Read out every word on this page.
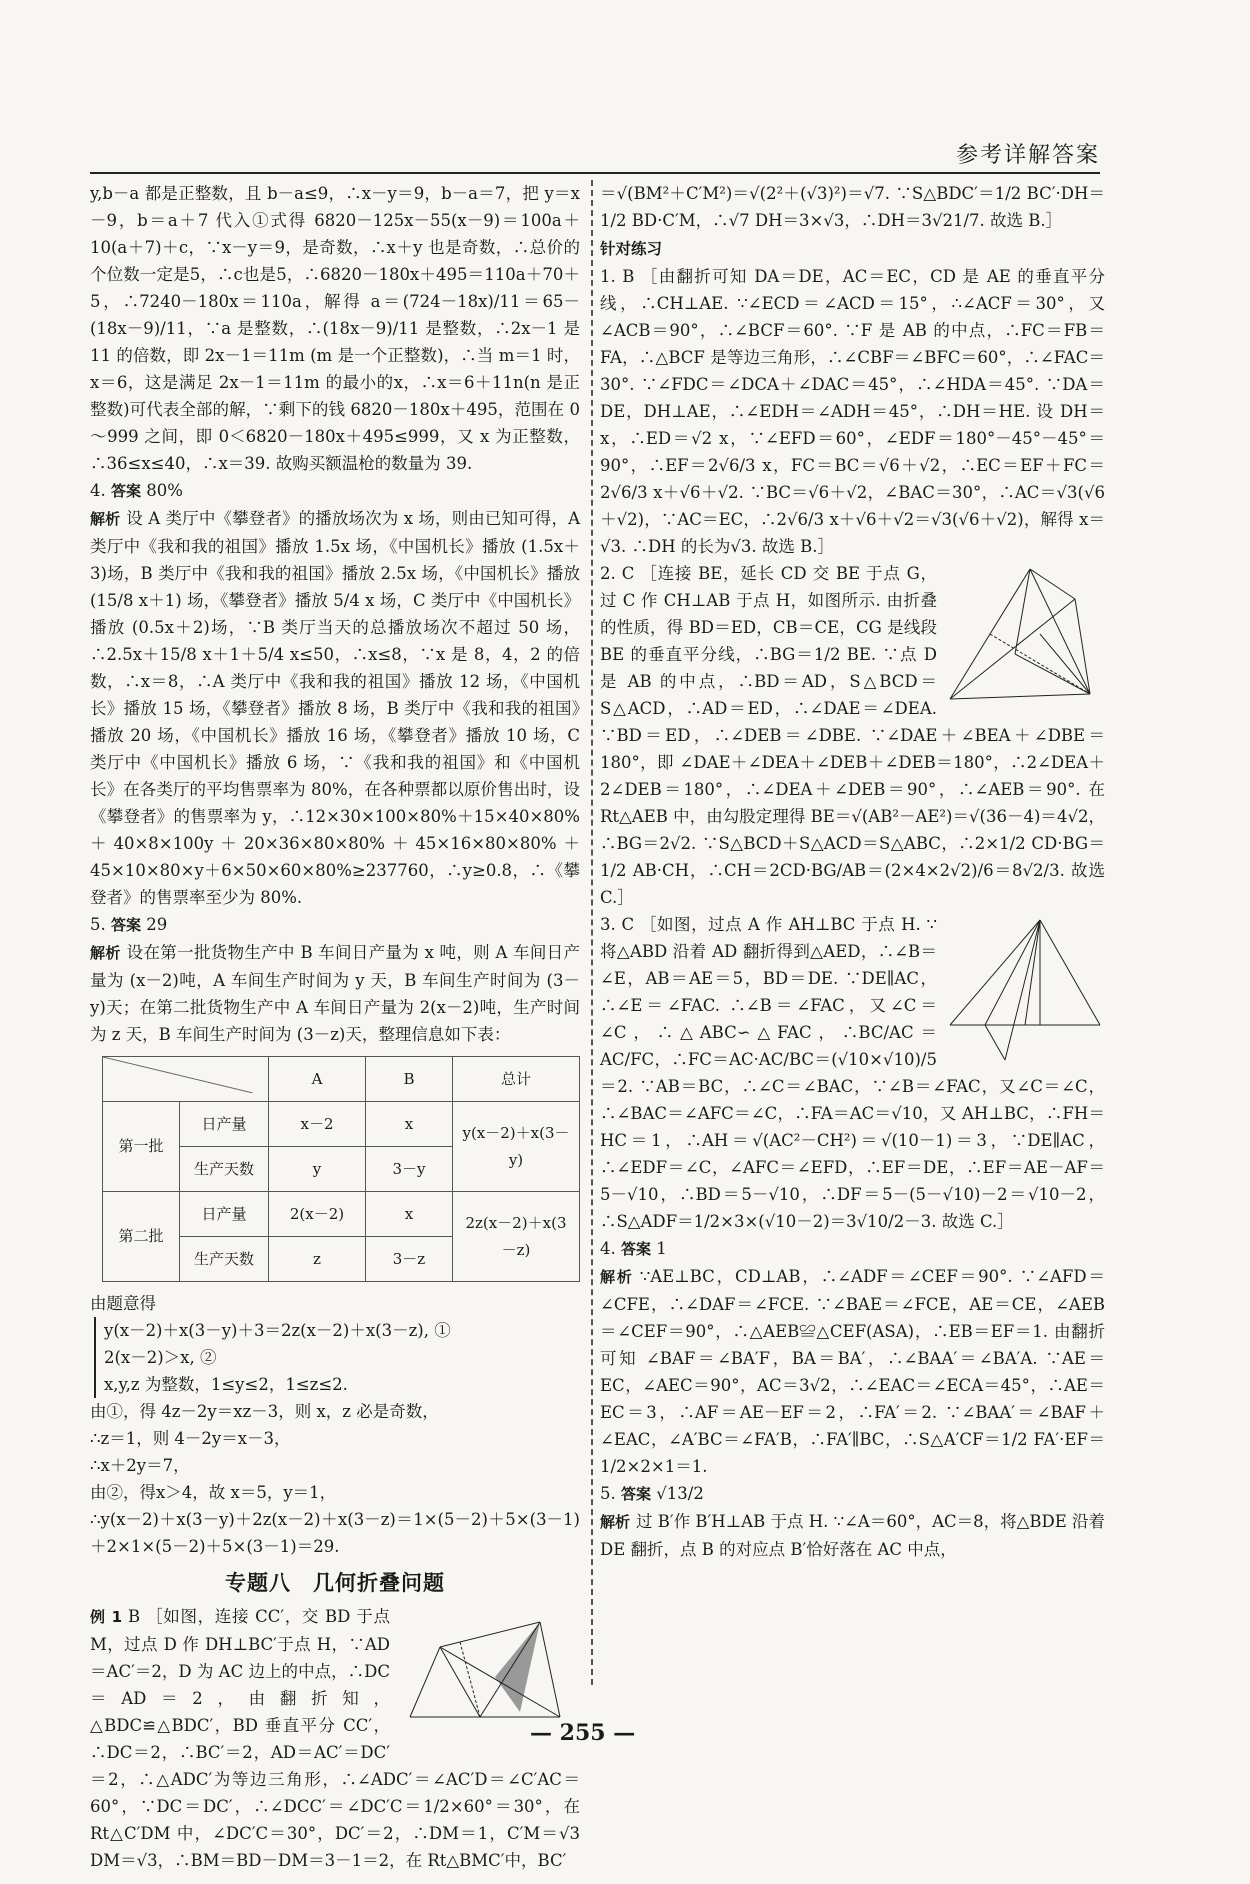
参考详解答案

y,b－a 都是正整数，且 b－a≤9，∴x－y＝9，b－a＝7，把 y＝x－9，b＝a＋7 代入①式得 6820－125x－55(x－9)＝100a＋10(a＋7)＋c，∵x－y＝9，是奇数，∴x＋y 也是奇数，∴总价的个位数一定是5，∴c也是5，∴6820－180x＋495＝110a＋70＋5，∴7240－180x＝110a，解得 a＝(724－18x)/11＝65－(18x－9)/11，∵a 是整数，∴(18x－9)/11 是整数，∴2x－1 是 11 的倍数，即 2x－1＝11m (m 是一个正整数)，∴当 m＝1 时，x＝6，这是满足 2x－1＝11m 的最小的x，∴x＝6＋11n(n 是正整数)可代表全部的解，∵剩下的钱 6820－180x＋495，范围在 0～999 之间，即 0＜6820－180x＋495≤999，又 x 为正整数，∴36≤x≤40，∴x＝39. 故购买额温枪的数量为 39.

4. 答案 80%

解析 设 A 类厅中《攀登者》的播放场次为 x 场，则由已知可得，A 类厅中《我和我的祖国》播放 1.5x 场，《中国机长》播放 (1.5x＋3)场，B 类厅中《我和我的祖国》播放 2.5x 场，《中国机长》播放 (15/8 x＋1) 场，《攀登者》播放 5/4 x 场，C 类厅中《中国机长》播放 (0.5x＋2)场，∵B 类厅当天的总播放场次不超过 50 场，∴2.5x＋15/8 x＋1＋5/4 x≤50，∴x≤8，∵x 是 8，4，2 的倍数，∴x＝8，∴A 类厅中《我和我的祖国》播放 12 场，《中国机长》播放 15 场，《攀登者》播放 8 场，B 类厅中《我和我的祖国》播放 20 场，《中国机长》播放 16 场，《攀登者》播放 10 场，C 类厅中《中国机长》播放 6 场，∵《我和我的祖国》和《中国机长》在各类厅的平均售票率为 80%，在各种票都以原价售出时，设《攀登者》的售票率为 y，∴12×30×100×80%＋15×40×80%＋40×8×100y＋20×36×80×80%＋45×16×80×80%＋45×10×80×y＋6×50×60×80%≥237760，∴y≥0.8，∴《攀登者》的售票率至少为 80%.

5. 答案 29

解析 设在第一批货物生产中 B 车间日产量为 x 吨，则 A 车间日产量为 (x－2)吨，A 车间生产时间为 y 天，B 车间生产时间为 (3－y)天；在第二批货物生产中 A 车间日产量为 2(x－2)吨，生产时间为 z 天，B 车间生产时间为 (3－z)天，整理信息如下表：

	A	B	总计
第一批	日产量	x－2	x	y(x－2)＋x(3－y)
	生产天数	y	3－y	
第二批	日产量	2(x－2)	x	2z(x－2)＋x(3－z)
	生产天数	z	3－z	

由题意得

y(x－2)＋x(3－y)＋3＝2z(x－2)＋x(3－z), ①

2(x－2)＞x, ②

x,y,z 为整数，1≤y≤2，1≤z≤2.

由①，得 4z－2y＝xz－3，则 x，z 必是奇数，

∴z＝1，则 4－2y＝x－3，

∴x＋2y＝7，

由②，得x＞4，故 x＝5，y＝1，

∴y(x－2)＋x(3－y)＋2z(x－2)＋x(3－z)＝1×(5－2)＋5×(3－1)＋2×1×(5－2)＋5×(3－1)＝29.

专题八　几何折叠问题

例 1 B ［如图，连接 CC′，交 BD 于点 M，过点 D 作 DH⊥BC′于点 H，∵AD＝AC′＝2，D 为 AC 边上的中点，∴DC＝AD＝2，由翻折知，△BDC≌△BDC′，BD 垂直平分 CC′，∴DC＝2，∴BC′＝2，AD＝AC′＝DC′＝2，∴△ADC′为等边三角形，∴∠ADC′＝∠AC′D＝∠C′AC＝60°，∵DC＝DC′，∴∠DCC′＝∠DC′C＝1/2×60°＝30°，在 Rt△C′DM 中，∠DC′C＝30°，DC′＝2，∴DM＝1，C′M＝√3 DM＝√3，∴BM＝BD－DM＝3－1＝2，在 Rt△BMC′中，BC′

＝√(BM²＋C′M²)＝√(2²＋(√3)²)＝√7. ∵S△BDC′＝1/2 BC′·DH＝1/2 BD·C′M，∴√7 DH＝3×√3，∴DH＝3√21/7. 故选 B.］

针对练习

1. B ［由翻折可知 DA＝DE，AC＝EC，CD 是 AE 的垂直平分线，∴CH⊥AE. ∵∠ECD＝∠ACD＝15°，∴∠ACF＝30°，又∠ACB＝90°，∴∠BCF＝60°. ∵F 是 AB 的中点，∴FC＝FB＝FA，∴△BCF 是等边三角形，∴∠CBF＝∠BFC＝60°，∴∠FAC＝30°. ∵∠FDC＝∠DCA＋∠DAC＝45°，∴∠HDA＝45°. ∵DA＝DE，DH⊥AE，∴∠EDH＝∠ADH＝45°，∴DH＝HE. 设 DH＝x，∴ED＝√2 x，∵∠EFD＝60°，∠EDF＝180°－45°－45°＝90°，∴EF＝2√6/3 x，FC＝BC＝√6＋√2，∴EC＝EF＋FC＝2√6/3 x＋√6＋√2. ∵BC＝√6＋√2，∠BAC＝30°，∴AC＝√3(√6＋√2)，∵AC＝EC，∴2√6/3 x＋√6＋√2＝√3(√6＋√2)，解得 x＝√3. ∴DH 的长为√3. 故选 B.］

2. C ［连接 BE，延长 CD 交 BE 于点 G，过 C 作 CH⊥AB 于点 H，如图所示. 由折叠的性质，得 BD＝ED，CB＝CE，CG 是线段 BE 的垂直平分线，∴BG＝1/2 BE. ∵点 D 是 AB 的中点，∴BD＝AD，S△BCD＝S△ACD，∴AD＝ED，∴∠DAE＝∠DEA. ∵BD＝ED，∴∠DEB＝∠DBE. ∵∠DAE＋∠BEA＋∠DBE＝180°，即 ∠DAE＋∠DEA＋∠DEB＋∠DEB＝180°，∴2∠DEA＋2∠DEB＝180°，∴∠DEA＋∠DEB＝90°，∴∠AEB＝90°. 在 Rt△AEB 中，由勾股定理得 BE＝√(AB²－AE²)＝√(36－4)＝4√2，∴BG＝2√2. ∵S△BCD＋S△ACD＝S△ABC，∴2×1/2 CD·BG＝1/2 AB·CH，∴CH＝2CD·BG/AB＝(2×4×2√2)/6＝8√2/3. 故选 C.］

3. C ［如图，过点 A 作 AH⊥BC 于点 H. ∵将△ABD 沿着 AD 翻折得到△AED，∴∠B＝∠E，AB＝AE＝5，BD＝DE. ∵DE∥AC，∴∠E＝∠FAC. ∴∠B＝∠FAC，又∠C＝∠C，∴△ABC∽△FAC，∴BC/AC＝AC/FC，∴FC＝AC·AC/BC＝(√10×√10)/5＝2. ∵AB＝BC，∴∠C＝∠BAC，∵∠B＝∠FAC，又∠C＝∠C，∴∠BAC＝∠AFC＝∠C，∴FA＝AC＝√10，又 AH⊥BC，∴FH＝HC＝1，∴AH＝√(AC²－CH²)＝√(10－1)＝3，∵DE∥AC，∴∠EDF＝∠C，∠AFC＝∠EFD，∴EF＝DE，∴EF＝AE－AF＝5－√10，∴BD＝5－√10，∴DF＝5－(5－√10)－2＝√10－2，∴S△ADF＝1/2×3×(√10－2)＝3√10/2－3. 故选 C.］

4. 答案 1

解析 ∵AE⊥BC，CD⊥AB，∴∠ADF＝∠CEF＝90°. ∵∠AFD＝∠CFE，∴∠DAF＝∠FCE. ∵∠BAE＝∠FCE，AE＝CE，∠AEB＝∠CEF＝90°，∴△AEB≌△CEF(ASA)，∴EB＝EF＝1. 由翻折可知 ∠BAF＝∠BA′F，BA＝BA′，∴∠BAA′＝∠BA′A. ∵AE＝EC，∠AEC＝90°，AC＝3√2，∴∠EAC＝∠ECA＝45°，∴AE＝EC＝3，∴AF＝AE－EF＝2，∴FA′＝2. ∵∠BAA′＝∠BAF＋∠EAC，∠A′BC＝∠FA′B，∴FA′∥BC，∴S△A′CF＝1/2 FA′·EF＝1/2×2×1＝1.

5. 答案 √13/2

解析 过 B′作 B′H⊥AB 于点 H. ∵∠A＝60°，AC＝8，将△BDE 沿着 DE 翻折，点 B 的对应点 B′恰好落在 AC 中点，

— 255 —
